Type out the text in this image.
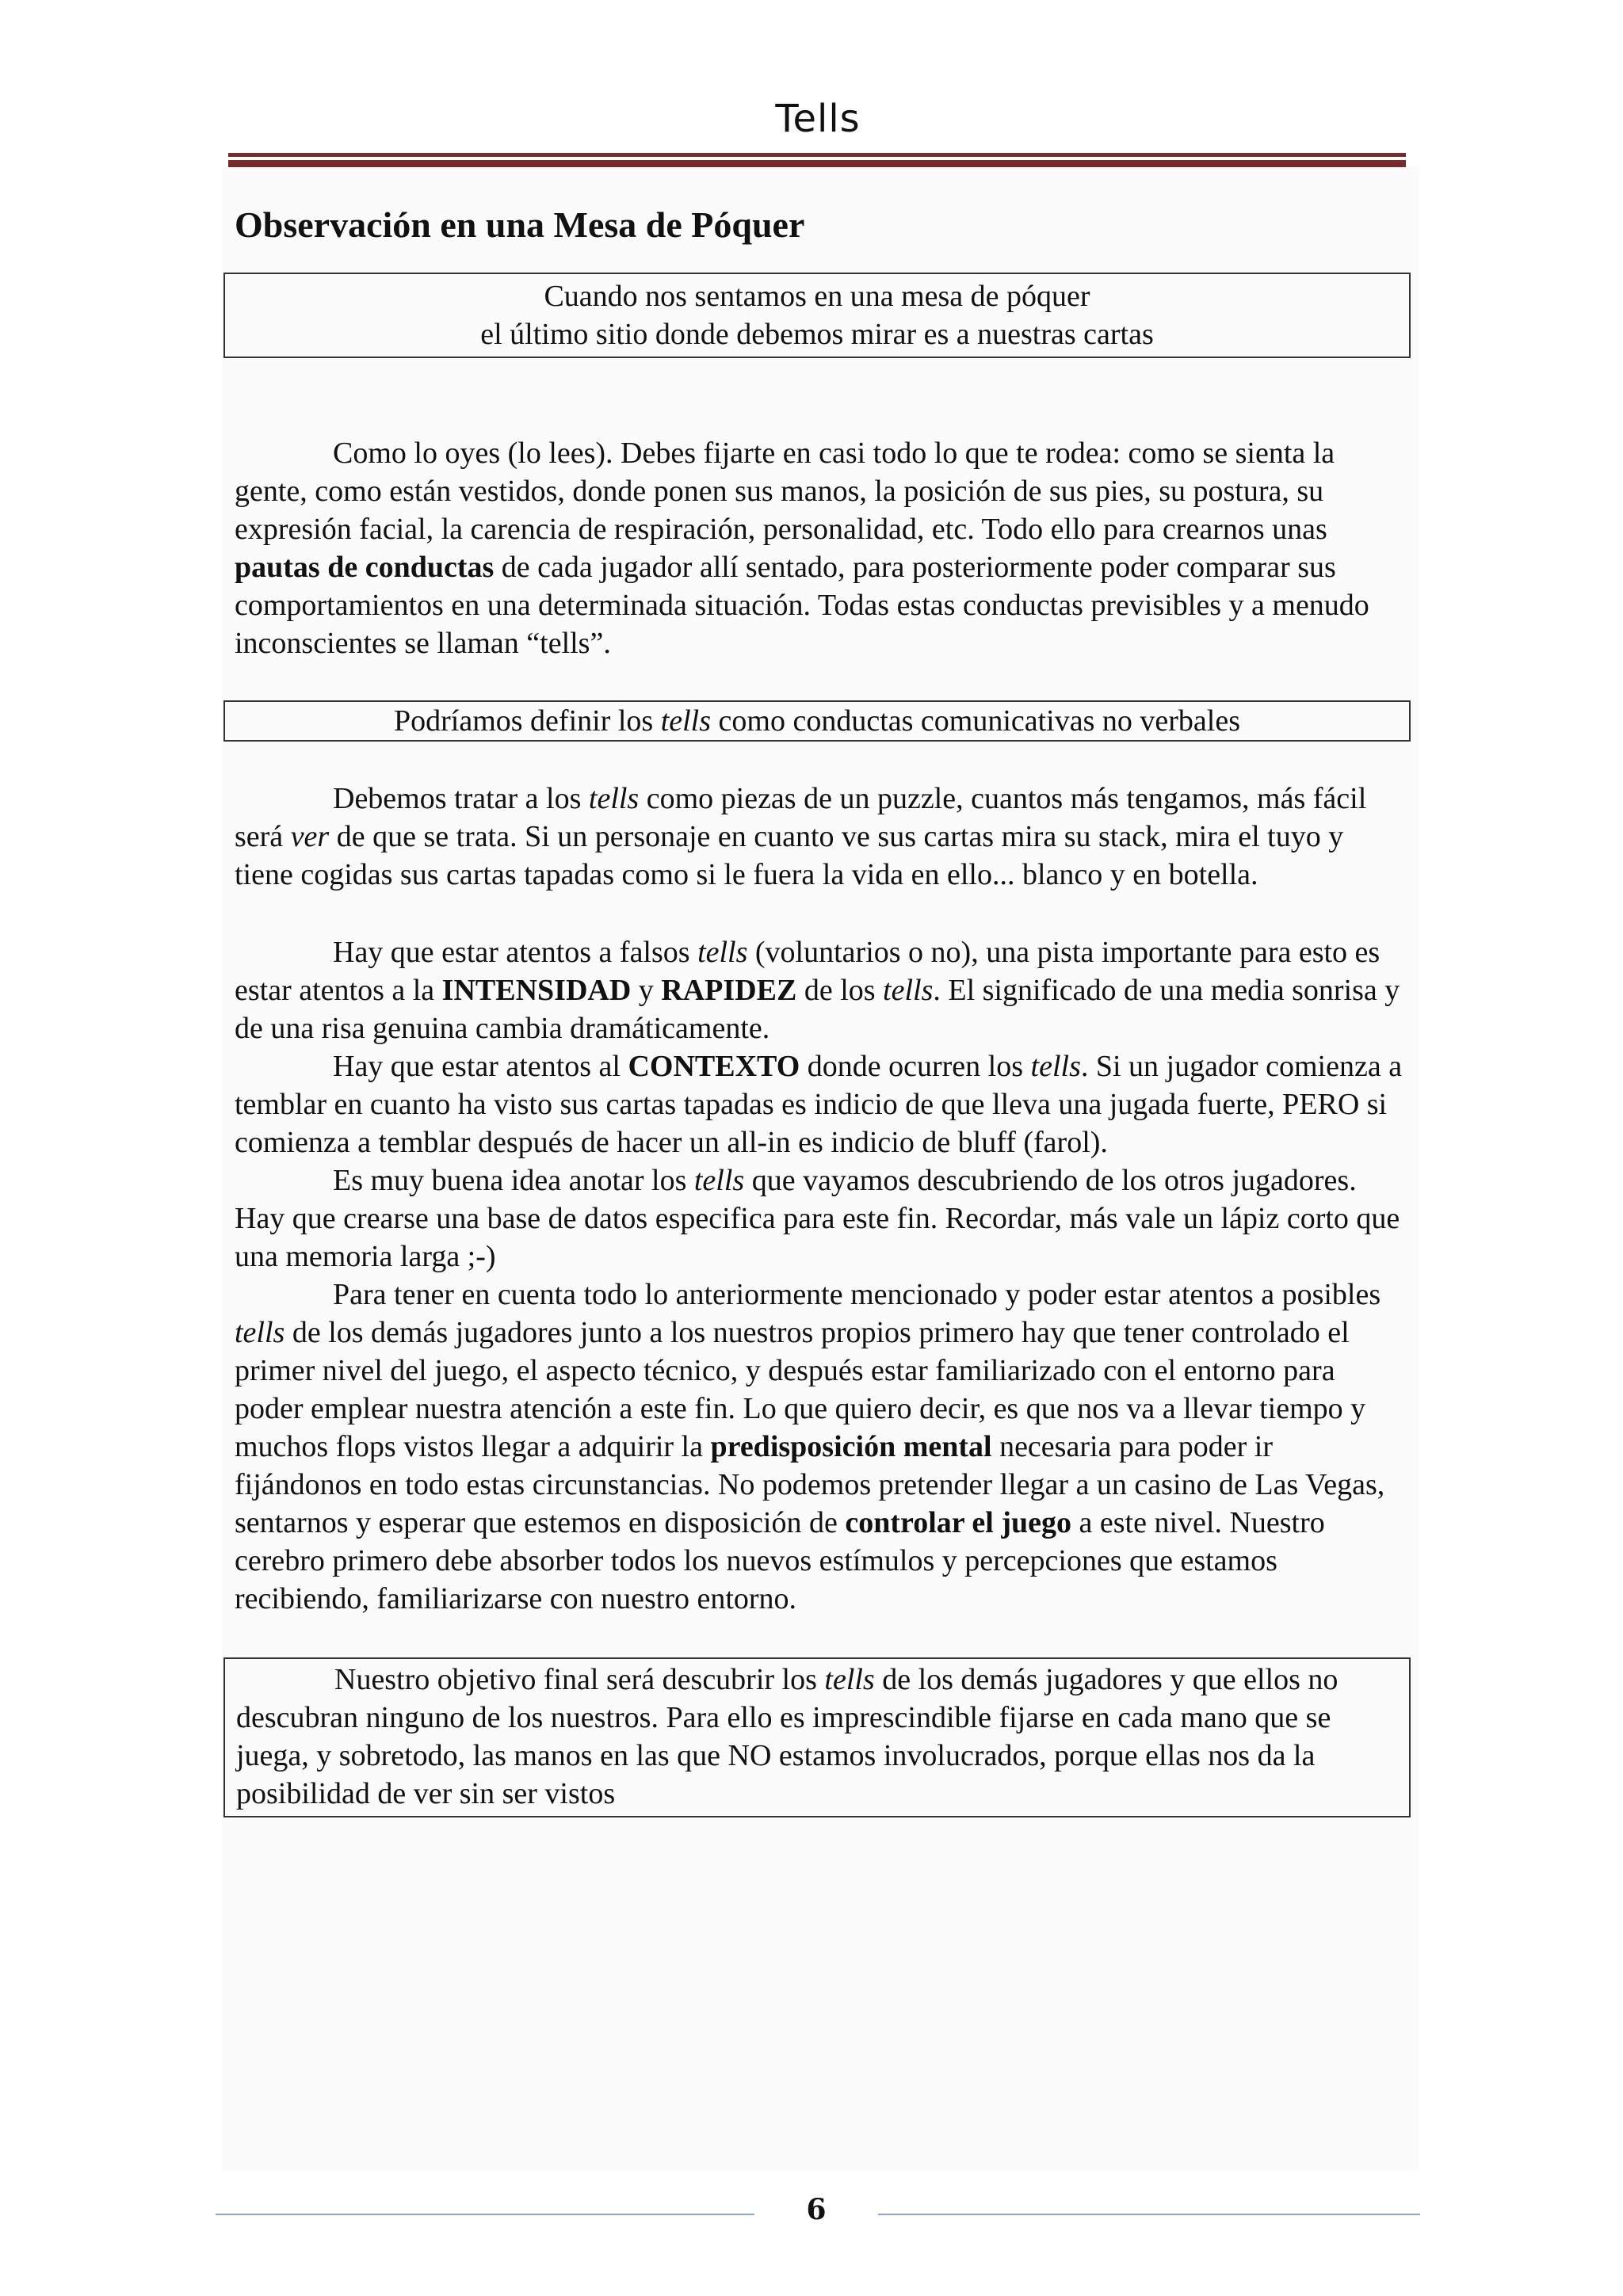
Tells
Observación en una Mesa de Póquer
Cuando nos sentamos en una mesa de póquer
el último sitio donde debemos mirar es a nuestras cartas

Como lo oyes (lo lees). Debes fijarte en casi todo lo que te rodea: como se sienta la gente, como están vestidos, donde ponen sus manos, la posición de sus pies, su postura, su expresión facial, la carencia de respiración, personalidad, etc. Todo ello para crearnos unas pautas de conductas de cada jugador allí sentado, para posteriormente poder comparar sus comportamientos en una determinada situación. Todas estas conductas previsibles y a menudo inconscientes se llaman “tells”.

Podríamos definir los tells como conductas comunicativas no verbales

Debemos tratar a los tells como piezas de un puzzle, cuantos más tengamos, más fácil será ver de que se trata. Si un personaje en cuanto ve sus cartas mira su stack, mira el tuyo y tiene cogidas sus cartas tapadas como si le fuera la vida en ello... blanco y en botella.

Hay que estar atentos a falsos tells (voluntarios o no), una pista importante para esto es estar atentos a la INTENSIDAD y RAPIDEZ de los tells. El significado de una media sonrisa y de una risa genuina cambia dramáticamente.

Hay que estar atentos al CONTEXTO donde ocurren los tells. Si un jugador comienza a temblar en cuanto ha visto sus cartas tapadas es indicio de que lleva una jugada fuerte, PERO si comienza a temblar después de hacer un all-in es indicio de bluff (farol).

Es muy buena idea anotar los tells que vayamos descubriendo de los otros jugadores. Hay que crearse una base de datos especifica para este fin. Recordar, más vale un lápiz corto que una memoria larga ;-)

Para tener en cuenta todo lo anteriormente mencionado y poder estar atentos a posibles tells de los demás jugadores junto a los nuestros propios primero hay que tener controlado el primer nivel del juego, el aspecto técnico, y después estar familiarizado con el entorno para poder emplear nuestra atención a este fin. Lo que quiero decir, es que nos va a llevar tiempo y muchos flops vistos llegar a adquirir la predisposición mental necesaria para poder ir fijándonos en todo estas circunstancias. No podemos pretender llegar a un casino de Las Vegas, sentarnos y esperar que estemos en disposición de controlar el juego a este nivel. Nuestro cerebro primero debe absorber todos los nuevos estímulos y percepciones que estamos recibiendo, familiarizarse con nuestro entorno.

Nuestro objetivo final será descubrir los tells de los demás jugadores y que ellos no descubran ninguno de los nuestros. Para ello es imprescindible fijarse en cada mano que se juega, y sobretodo, las manos en las que NO estamos involucrados, porque ellas nos da la posibilidad de ver sin ser vistos

6
